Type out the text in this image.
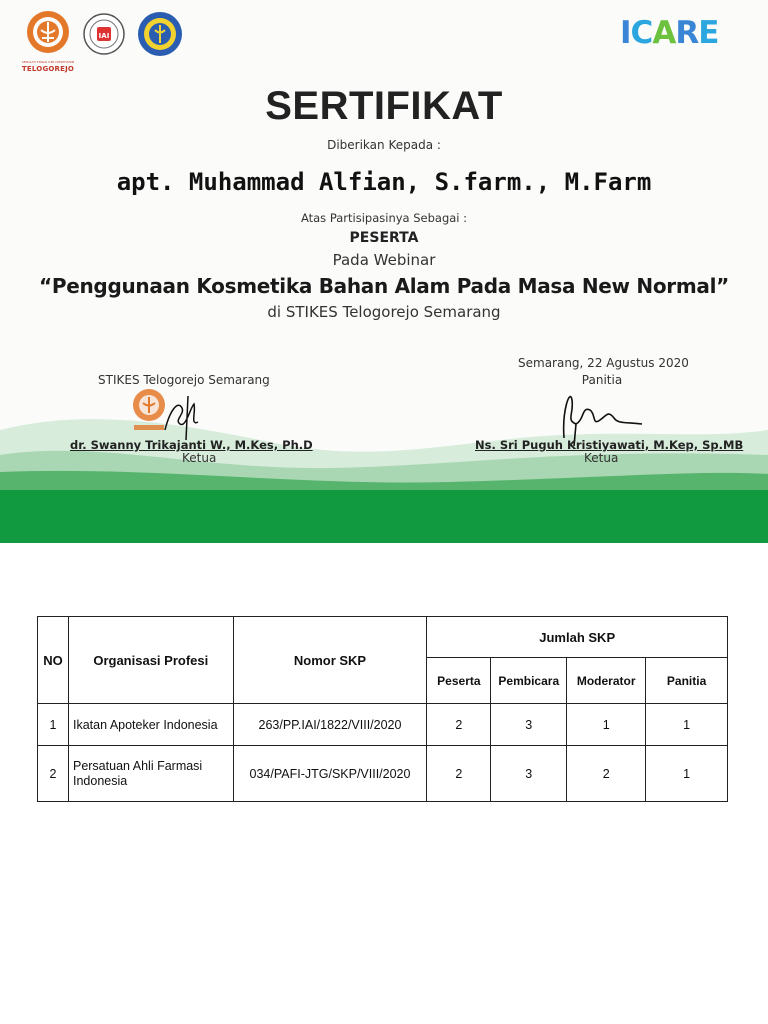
IAI
SEKOLAH TINGGI ILMU KESEHATAN
TELOGOREJO
ICARE
SERTIFIKAT
Diberikan Kepada :
apt. Muhammad Alfian, S.farm., M.Farm
Atas Partisipasinya Sebagai :
PESERTA
Pada Webinar
“Penggunaan Kosmetika Bahan Alam Pada Masa New Normal”
di STIKES Telogorejo Semarang
STIKES Telogorejo Semarang
Semarang, 22 Agustus 2020
Panitia
dr. Swanny Trikajanti W., M.Kes, Ph.D
Ketua
Ns. Sri Puguh Kristiyawati, M.Kep, Sp.MB
Ketua
NO	Organisasi Profesi	Nomor SKP	Jumlah SKP			
			Peserta	Pembicara	Moderator	Panitia
1	Ikatan Apoteker Indonesia	263/PP.IAI/1822/VIII/2020	2	3	1	1
2	Persatuan Ahli Farmasi Indonesia	034/PAFI-JTG/SKP/VIII/2020	2	3	2	1
